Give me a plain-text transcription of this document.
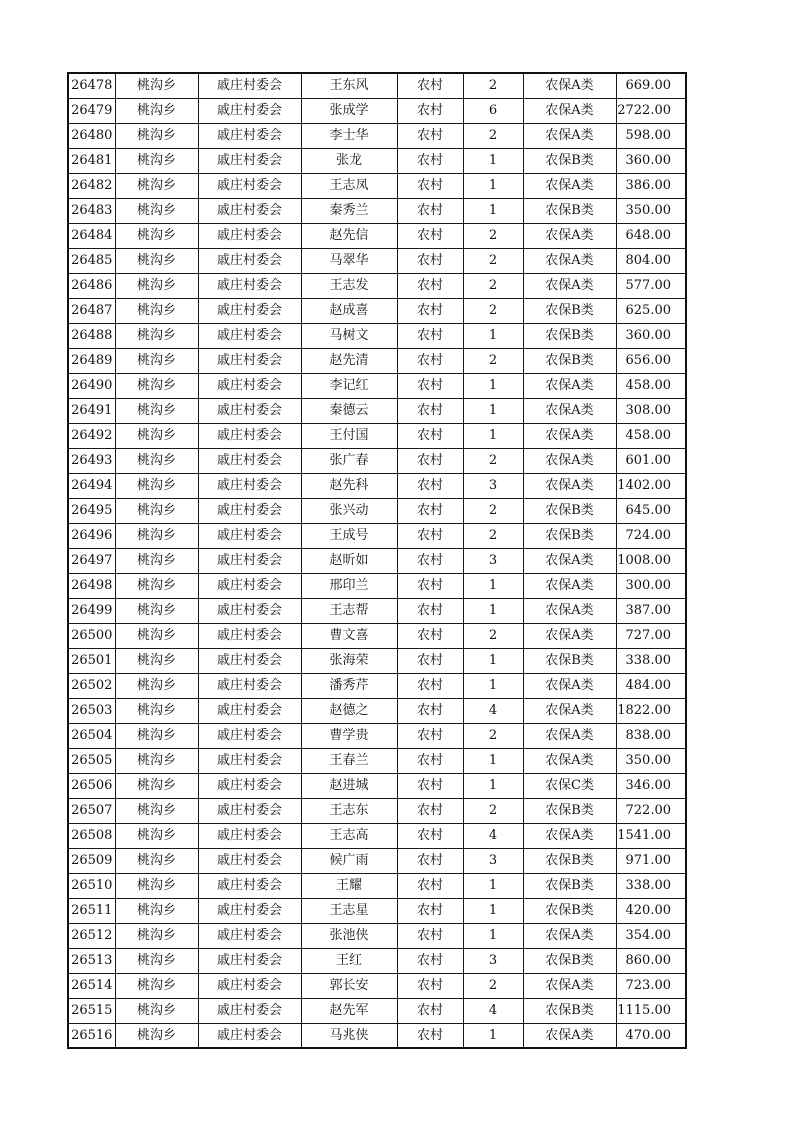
26478	桃沟乡	戚庄村委会	王东风	农村	2	农保A类	669.00
26479	桃沟乡	戚庄村委会	张成学	农村	6	农保A类	2722.00
26480	桃沟乡	戚庄村委会	李士华	农村	2	农保A类	598.00
26481	桃沟乡	戚庄村委会	张龙	农村	1	农保B类	360.00
26482	桃沟乡	戚庄村委会	王志凤	农村	1	农保A类	386.00
26483	桃沟乡	戚庄村委会	秦秀兰	农村	1	农保B类	350.00
26484	桃沟乡	戚庄村委会	赵先信	农村	2	农保A类	648.00
26485	桃沟乡	戚庄村委会	马翠华	农村	2	农保A类	804.00
26486	桃沟乡	戚庄村委会	王志发	农村	2	农保A类	577.00
26487	桃沟乡	戚庄村委会	赵成喜	农村	2	农保B类	625.00
26488	桃沟乡	戚庄村委会	马树文	农村	1	农保B类	360.00
26489	桃沟乡	戚庄村委会	赵先清	农村	2	农保B类	656.00
26490	桃沟乡	戚庄村委会	李记红	农村	1	农保A类	458.00
26491	桃沟乡	戚庄村委会	秦德云	农村	1	农保A类	308.00
26492	桃沟乡	戚庄村委会	王付国	农村	1	农保A类	458.00
26493	桃沟乡	戚庄村委会	张广春	农村	2	农保A类	601.00
26494	桃沟乡	戚庄村委会	赵先科	农村	3	农保A类	1402.00
26495	桃沟乡	戚庄村委会	张兴动	农村	2	农保B类	645.00
26496	桃沟乡	戚庄村委会	王成号	农村	2	农保B类	724.00
26497	桃沟乡	戚庄村委会	赵昕如	农村	3	农保A类	1008.00
26498	桃沟乡	戚庄村委会	邢印兰	农村	1	农保A类	300.00
26499	桃沟乡	戚庄村委会	王志帮	农村	1	农保A类	387.00
26500	桃沟乡	戚庄村委会	曹文喜	农村	2	农保A类	727.00
26501	桃沟乡	戚庄村委会	张海荣	农村	1	农保B类	338.00
26502	桃沟乡	戚庄村委会	潘秀芹	农村	1	农保A类	484.00
26503	桃沟乡	戚庄村委会	赵德之	农村	4	农保A类	1822.00
26504	桃沟乡	戚庄村委会	曹学贵	农村	2	农保A类	838.00
26505	桃沟乡	戚庄村委会	王春兰	农村	1	农保A类	350.00
26506	桃沟乡	戚庄村委会	赵进城	农村	1	农保C类	346.00
26507	桃沟乡	戚庄村委会	王志东	农村	2	农保B类	722.00
26508	桃沟乡	戚庄村委会	王志高	农村	4	农保A类	1541.00
26509	桃沟乡	戚庄村委会	候广雨	农村	3	农保B类	971.00
26510	桃沟乡	戚庄村委会	王耀	农村	1	农保B类	338.00
26511	桃沟乡	戚庄村委会	王志星	农村	1	农保B类	420.00
26512	桃沟乡	戚庄村委会	张池侠	农村	1	农保A类	354.00
26513	桃沟乡	戚庄村委会	王红	农村	3	农保B类	860.00
26514	桃沟乡	戚庄村委会	郭长安	农村	2	农保A类	723.00
26515	桃沟乡	戚庄村委会	赵先军	农村	4	农保B类	1115.00
26516	桃沟乡	戚庄村委会	马兆侠	农村	1	农保A类	470.00
